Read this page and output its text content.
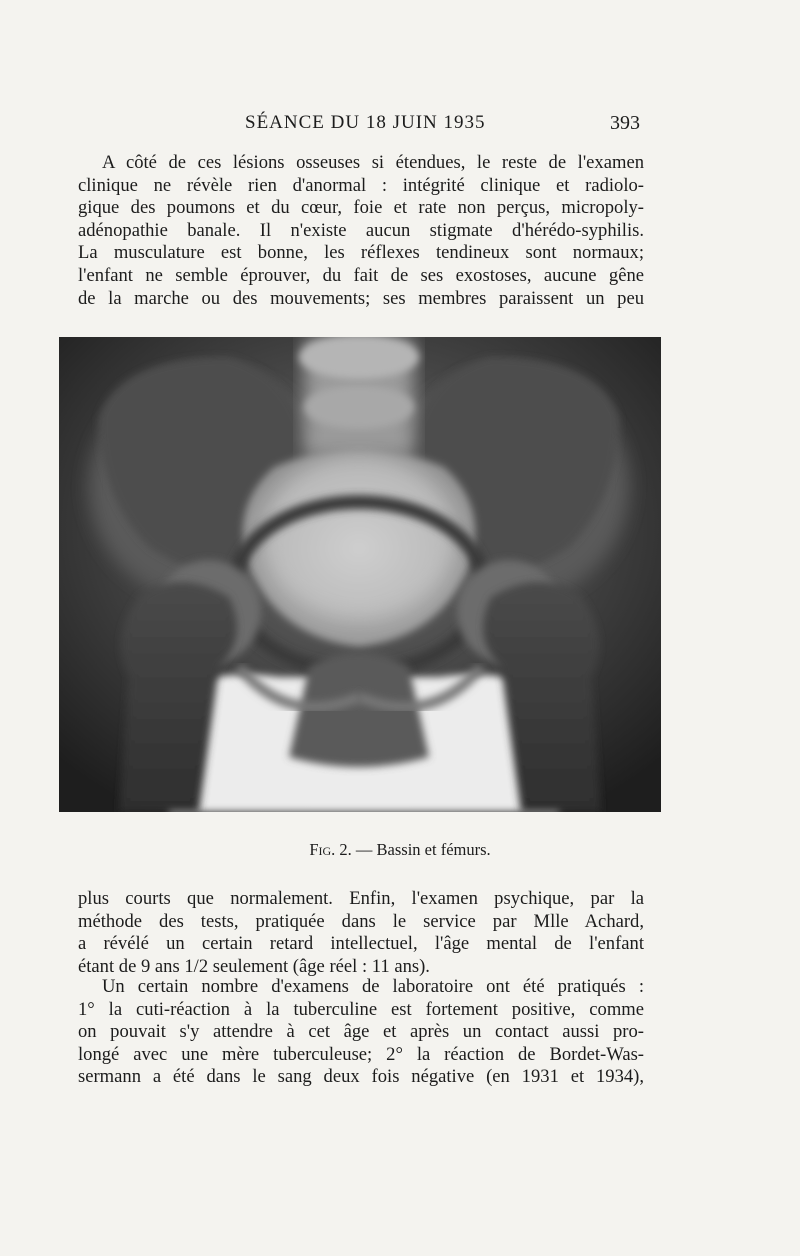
SÉANCE DU 18 JUIN 1935	393
A côté de ces lésions osseuses si étendues, le reste de l'examen
clinique ne révèle rien d'anormal : intégrité clinique et radiolo-
gique des poumons et du cœur, foie et rate non perçus, micropoly-
adénopathie banale. Il n'existe aucun stigmate d'hérédo-syphilis.
La musculature est bonne, les réflexes tendineux sont normaux;
l'enfant ne semble éprouver, du fait de ses exostoses, aucune gêne
de la marche ou des mouvements; ses membres paraissent un peu
Fig. 2. — Bassin et fémurs.
plus courts que normalement. Enfin, l'examen psychique, par la
méthode des tests, pratiquée dans le service par Mlle Achard,
a révélé un certain retard intellectuel, l'âge mental de l'enfant
étant de 9 ans 1/2 seulement (âge réel : 11 ans).
Un certain nombre d'examens de laboratoire ont été pratiqués :
1° la cuti-réaction à la tuberculine est fortement positive, comme
on pouvait s'y attendre à cet âge et après un contact aussi pro-
longé avec une mère tuberculeuse; 2° la réaction de Bordet-Was-
sermann a été dans le sang deux fois négative (en 1931 et 1934),
